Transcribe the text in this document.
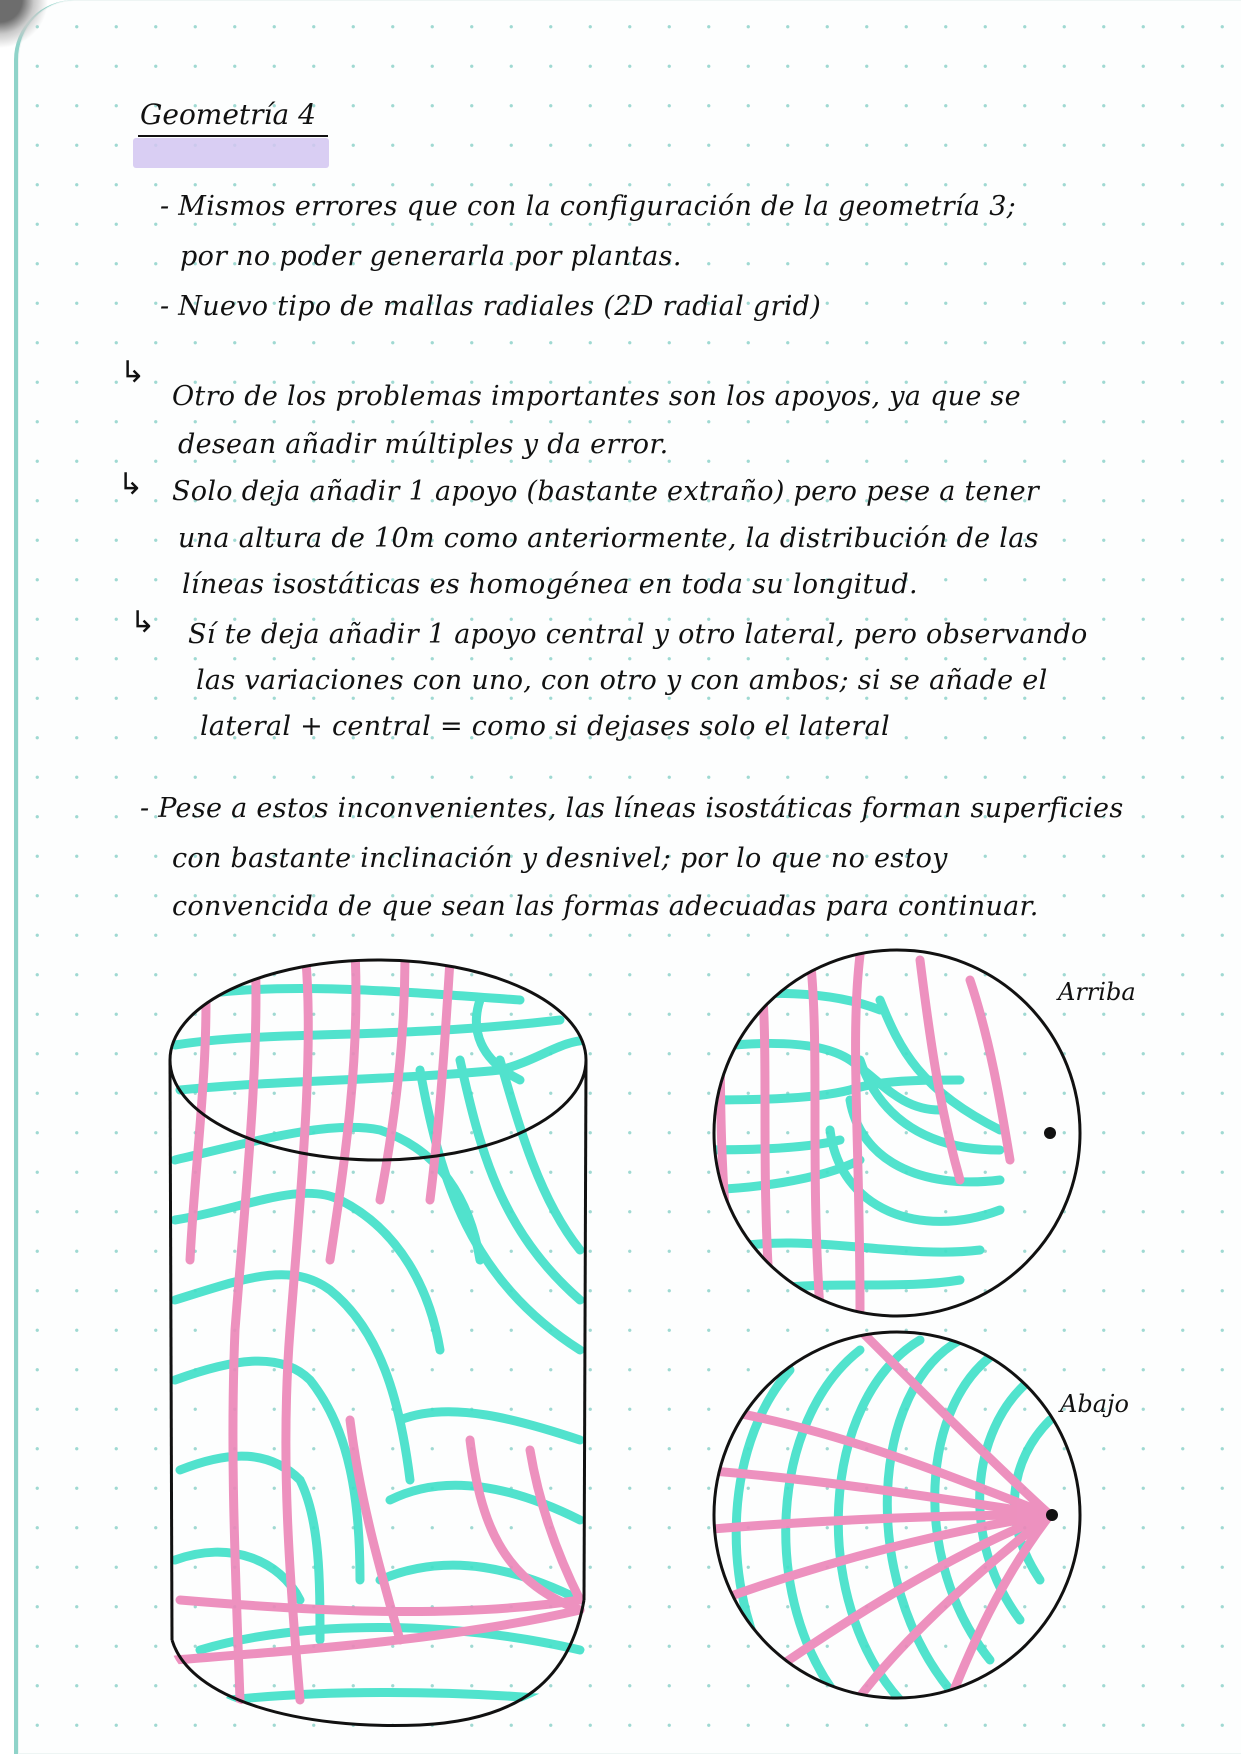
Geometría 4
- Mismos errores que con la configuración de la geometría 3;
por no poder generarla por plantas.
- Nuevo tipo de mallas radiales (2D radial grid)
↳
Otro de los problemas importantes son los apoyos, ya que se
desean añadir múltiples y da error.
↳ Solo deja añadir 1 apoyo (bastante extraño) pero pese a tener
una altura de 10m como anteriormente, la distribución de las
líneas isostáticas es homogénea en toda su longitud.
↳ Sí te deja añadir 1 apoyo central y otro lateral, pero observando
las variaciones con uno, con otro y con ambos; si se añade el
lateral + central = como si dejases solo el lateral
- Pese a estos inconvenientes, las líneas isostáticas forman superficies
con bastante inclinación y desnivel; por lo que no estoy
convencida de que sean las formas adecuadas para continuar.
Arriba
Abajo
